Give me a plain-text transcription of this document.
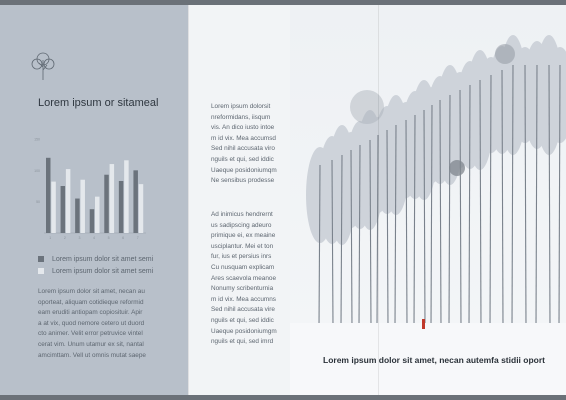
Lorem ipsum or sitameal
150
100
50
1	2	3	4	5	6	7
Lorem ipsum dolor sit amet semi
Lorem ipsum dolor sit amet semi
Lorem ipsum dolor sit amet, necan au
oporteat, aliquam cotidieque reformid
eam eruditi antiopam copiosituir. Apir
a at vix, quod nemore cetero ut duord
cto animer. Velit error petruvice vintel
cerat vim. Unum utamur ex sit, nantal
amcimttam. Vell ut omnis mutat saepe
Lorem ipsum dolorsit
nreformidans, iisqum
vis. An dico iusto intoe
m id vix. Mea accumsd
Sed nihil accusata viro
nguils et qui, sed iddic
Uaeque posidoniumqm
Ne sensibus prodesse
Ad inimicus hendrernt
us sadipscing adeuro
primique ei, ex meaine
usciplantur. Mei et ton
fur, ius et persius inrs
Cu nusquam explicam
Ares scaevola meanoe
Nonumy scribenturnia
m id vix. Mea accumns
Sed nihil accusata vire
nguils et qui, sed iddic
Uaeque posidoniumgm
nguils et qui, sed imrd
Lorem ipsum dolor sit amet, necan autemfa stidii oport
